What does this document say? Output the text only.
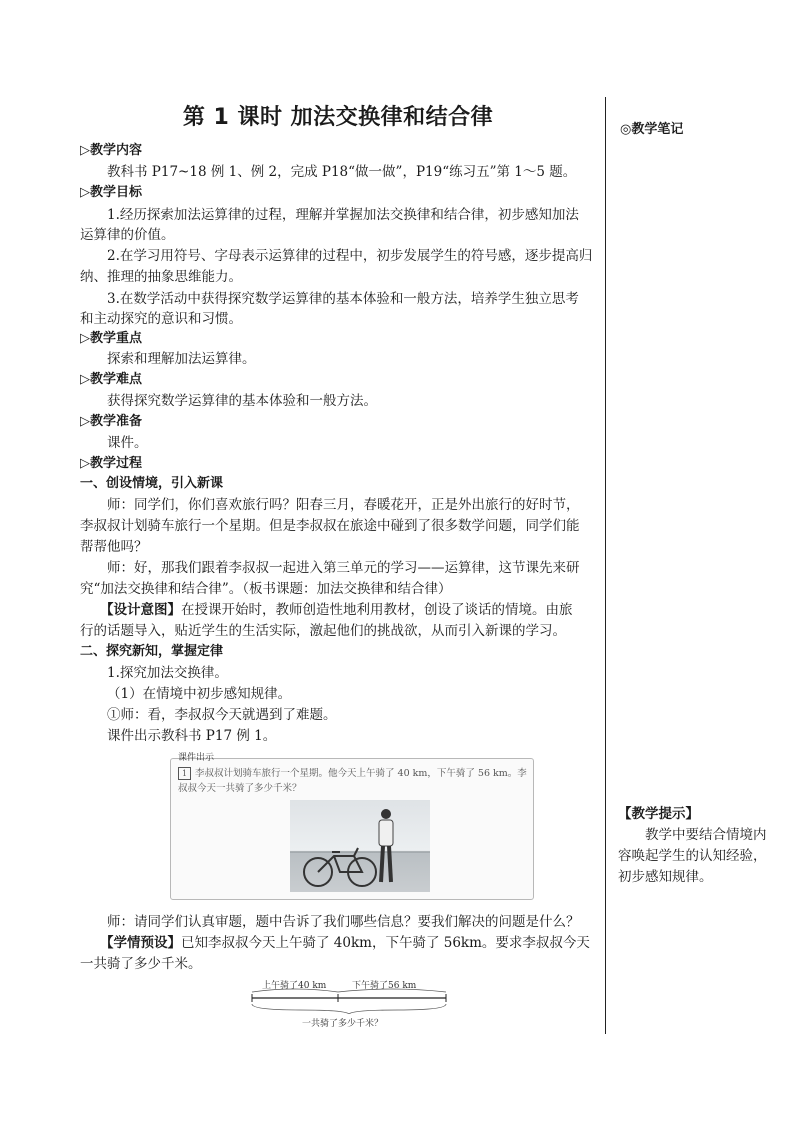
第 1 课时 加法交换律和结合律	◎教学笔记
▷教学内容
教科书 P17~18 例 1、例 2，完成 P18“做一做”，P19“练习五”第 1～5 题。
▷教学目标
1.经历探索加法运算律的过程，理解并掌握加法交换律和结合律，初步感知加法
运算律的价值。
2.在学习用符号、字母表示运算律的过程中，初步发展学生的符号感，逐步提高归
纳、推理的抽象思维能力。
3.在数学活动中获得探究数学运算律的基本体验和一般方法，培养学生独立思考
和主动探究的意识和习惯。
▷教学重点
探索和理解加法运算律。
▷教学难点
获得探究数学运算律的基本体验和一般方法。
▷教学准备
课件。
▷教学过程
一、创设情境，引入新课
师：同学们，你们喜欢旅行吗？阳春三月，春暖花开，正是外出旅行的好时节，
李叔叔计划骑车旅行一个星期。但是李叔叔在旅途中碰到了很多数学问题，同学们能
帮帮他吗？
师：好，那我们跟着李叔叔一起进入第三单元的学习——运算律，这节课先来研
究“加法交换律和结合律”。（板书课题：加法交换律和结合律）
【设计意图】在授课开始时，教师创造性地利用教材，创设了谈话的情境。由旅
行的话题导入，贴近学生的生活实际，激起他们的挑战欲，从而引入新课的学习。
二、探究新知，掌握定律
1.探究加法交换律。
（1）在情境中初步感知规律。
①师：看，李叔叔今天就遇到了难题。
课件出示教科书 P17 例 1。
课件出示
1 李叔叔计划骑车旅行一个星期。他今天上午骑了 40 km，下午骑了 56 km。李叔叔今天一共骑了多少千米？
师：请同学们认真审题，题中告诉了我们哪些信息？要我们解决的问题是什么？
【学情预设】已知李叔叔今天上午骑了 40km，下午骑了 56km。要求李叔叔今天
一共骑了多少千米。
上午骑了40 km	下午骑了56 km
一共骑了多少千米？
【教学提示】
教学中要结合情境内容唤起学生的认知经验，初步感知规律。
